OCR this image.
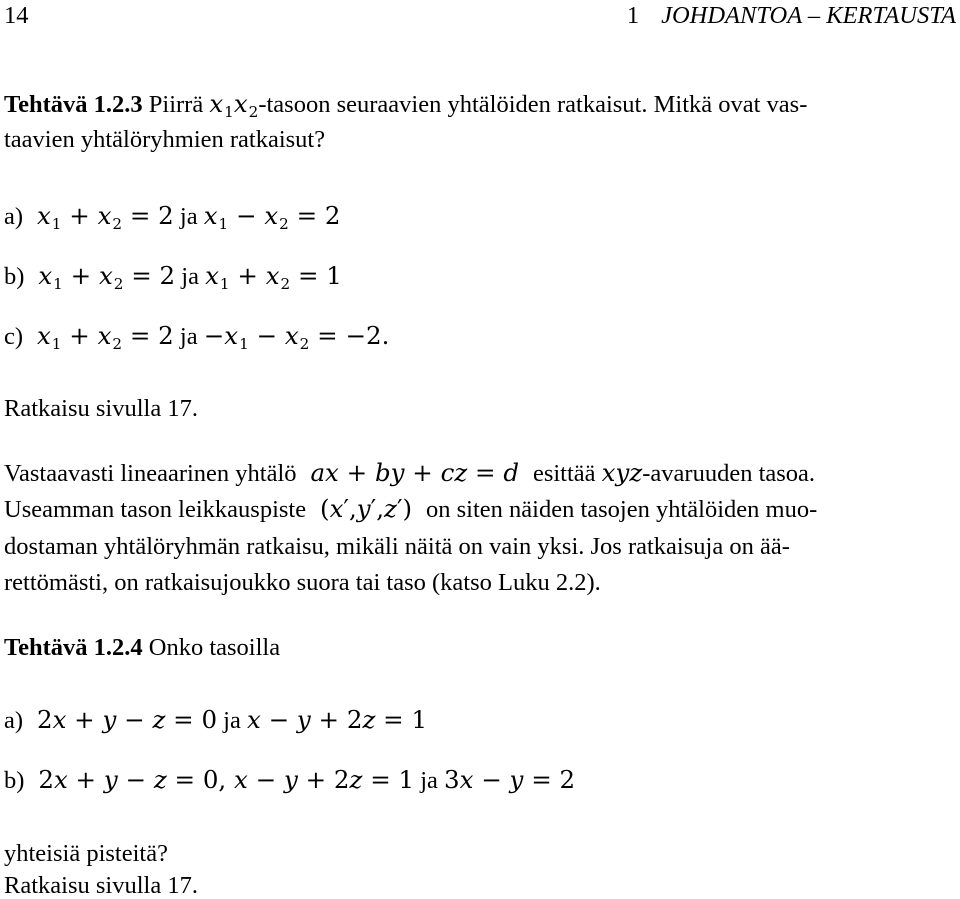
14	1 JOHDANTOA – KERTAUSTA
Tehtävä 1.2.3 Piirrä x1x2-tasoon seuraavien yhtälöiden ratkaisut. Mitkä ovat vas-
taavien yhtälöryhmien ratkaisut?
a)  x1 + x2 = 2 ja x1 − x2 = 2
b)  x1 + x2 = 2 ja x1 + x2 = 1
c)  x1 + x2 = 2 ja −x1 − x2 = −2.
Ratkaisu sivulla 17.
Vastaavasti lineaarinen yhtälö  ax + by + cz = d  esittää xyz-avaruuden tasoa.
Useamman tason leikkauspiste (x′,y′,z′) on siten näiden tasojen yhtälöiden muo-
dostaman yhtälöryhmän ratkaisu, mikäli näitä on vain yksi. Jos ratkaisuja on ää-
rettömästi, on ratkaisujoukko suora tai taso (katso Luku 2.2).
Tehtävä 1.2.4 Onko tasoilla
a) 2x + y − z = 0 ja x − y + 2z = 1
b) 2x + y − z = 0, x − y + 2z = 1 ja 3x − y = 2
yhteisiä pisteitä?
Ratkaisu sivulla 17.
